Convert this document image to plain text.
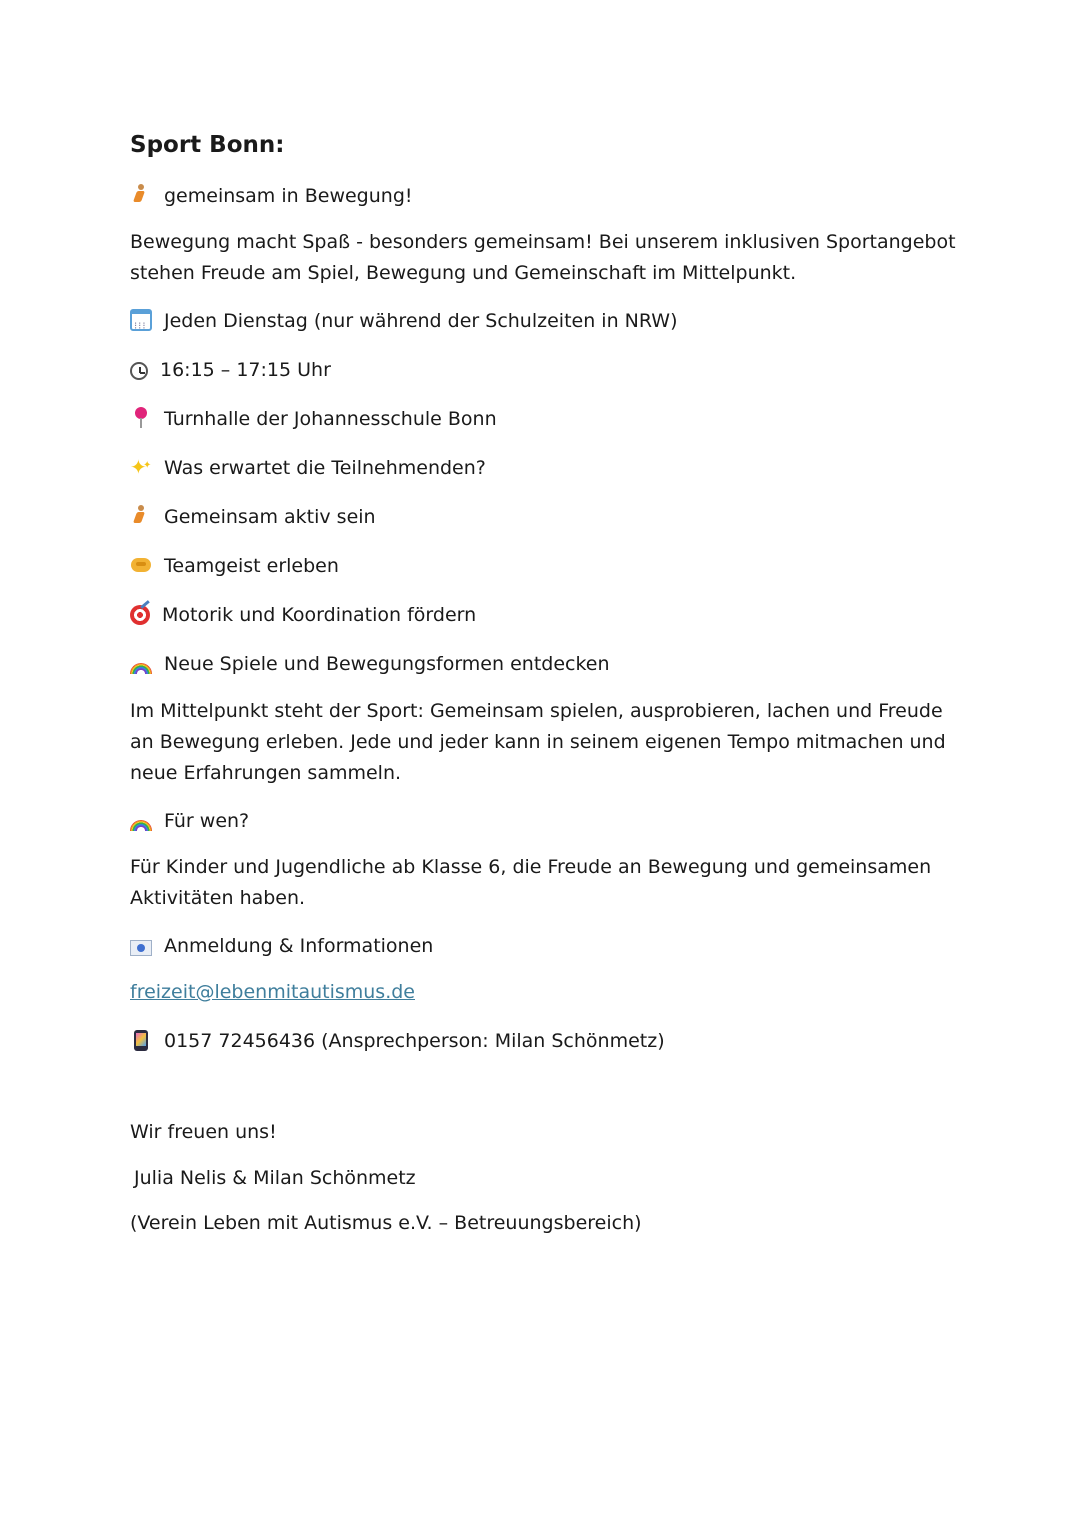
Sport Bonn:
gemeinsam in Bewegung!
Bewegung macht Spaß - besonders gemeinsam! Bei unserem inklusiven Sportangebot stehen Freude am Spiel, Bewegung und Gemeinschaft im Mittelpunkt.
⁝⁝⁝Jeden Dienstag (nur während der Schulzeiten in NRW)
16:15 – 17:15 Uhr
Turnhalle der Johannesschule Bonn
✦ ✦Was erwartet die Teilnehmenden?
Gemeinsam aktiv sein
Teamgeist erleben
Motorik und Koordination fördern
Neue Spiele und Bewegungsformen entdecken
Im Mittelpunkt steht der Sport: Gemeinsam spielen, ausprobieren, lachen und Freude an Bewegung erleben. Jede und jeder kann in seinem eigenen Tempo mitmachen und neue Erfahrungen sammeln.
Für wen?
Für Kinder und Jugendliche ab Klasse 6, die Freude an Bewegung und gemeinsamen Aktivitäten haben.
Anmeldung & Informationen
freizeit@lebenmitautismus.de
0157 72456436 (Ansprechperson: Milan Schönmetz)
Wir freuen uns!
Julia Nelis & Milan Schönmetz
(Verein Leben mit Autismus e.V. – Betreuungsbereich)
